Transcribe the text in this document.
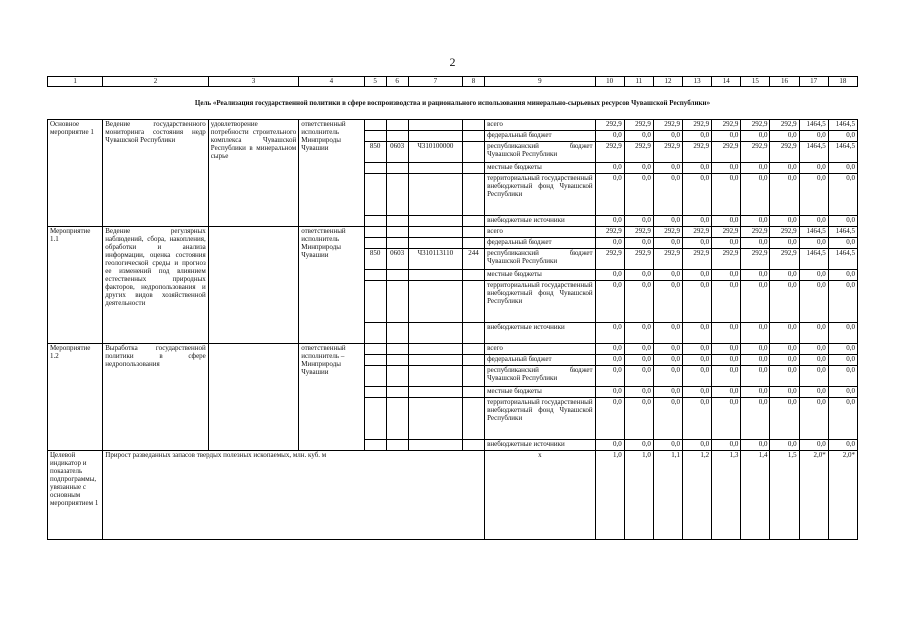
2
1	2	3	4	5	6	7	8	9	10	11	12	13	14	15	16	17	18
Цель «Реализация государственной политики в сфере воспроизводства и рационального использования минерально-сырьевых ресурсов Чувашской Республики»																	
Основное мероприятие 1	Ведение государственного мониторинга состояния недр Чувашской Республики	удовлетворение потребности строительного комплекса Чувашской Республики в минеральном сырье	ответственный исполнитель Минприроды Чувашии					всего	292,9	292,9	292,9	292,9	292,9	292,9	292,9	1464,5	1464,5
								федеральный бюджет	0,0	0,0	0,0	0,0	0,0	0,0	0,0	0,0	0,0
				850	0603	Ч310100000		республиканский бюджет Чувашской Республики	292,9	292,9	292,9	292,9	292,9	292,9	292,9	1464,5	1464,5
								местные бюджеты	0,0	0,0	0,0	0,0	0,0	0,0	0,0	0,0	0,0
								территориальный государственный внебюджетный фонд Чувашской Республики	0,0	0,0	0,0	0,0	0,0	0,0	0,0	0,0	0,0
								внебюджетные источники	0,0	0,0	0,0	0,0	0,0	0,0	0,0	0,0	0,0
Мероприятие 1.1	Ведение регулярных наблюдений, сбора, накопления, обработки и анализа информации, оценка состояния геологической среды и прогноз ее изменений под влиянием естественных природных факторов, недропользования и других видов хозяйственной деятельности		ответственный исполнитель Минприроды Чувашии					всего	292,9	292,9	292,9	292,9	292,9	292,9	292,9	1464,5	1464,5
								федеральный бюджет	0,0	0,0	0,0	0,0	0,0	0,0	0,0	0,0	0,0
				850	0603	Ч310113110	244	республиканский бюджет Чувашской Республики	292,9	292,9	292,9	292,9	292,9	292,9	292,9	1464,5	1464,5
								местные бюджеты	0,0	0,0	0,0	0,0	0,0	0,0	0,0	0,0	0,0
								территориальный государственный внебюджетный фонд Чувашской Республики	0,0	0,0	0,0	0,0	0,0	0,0	0,0	0,0	0,0
								внебюджетные источники	0,0	0,0	0,0	0,0	0,0	0,0	0,0	0,0	0,0
Мероприятие 1.2	Выработка государственной политики в сфере недропользования		ответственный исполнитель – Минприроды Чувашии					всего	0,0	0,0	0,0	0,0	0,0	0,0	0,0	0,0	0,0
								федеральный бюджет	0,0	0,0	0,0	0,0	0,0	0,0	0,0	0,0	0,0
								республиканский бюджет Чувашской Республики	0,0	0,0	0,0	0,0	0,0	0,0	0,0	0,0	0,0
								местные бюджеты	0,0	0,0	0,0	0,0	0,0	0,0	0,0	0,0	0,0
								территориальный государственный внебюджетный фонд Чувашской Республики	0,0	0,0	0,0	0,0	0,0	0,0	0,0	0,0	0,0
								внебюджетные источники	0,0	0,0	0,0	0,0	0,0	0,0	0,0	0,0	0,0
Целевой индикатор и показатель подпрограммы, увязанные с основным мероприятием 1	Прирост разведанных запасов твердых полезных ископаемых, млн. куб. м							х	1,0	1,0	1,1	1,2	1,3	1,4	1,5	2,0*	2,0*
